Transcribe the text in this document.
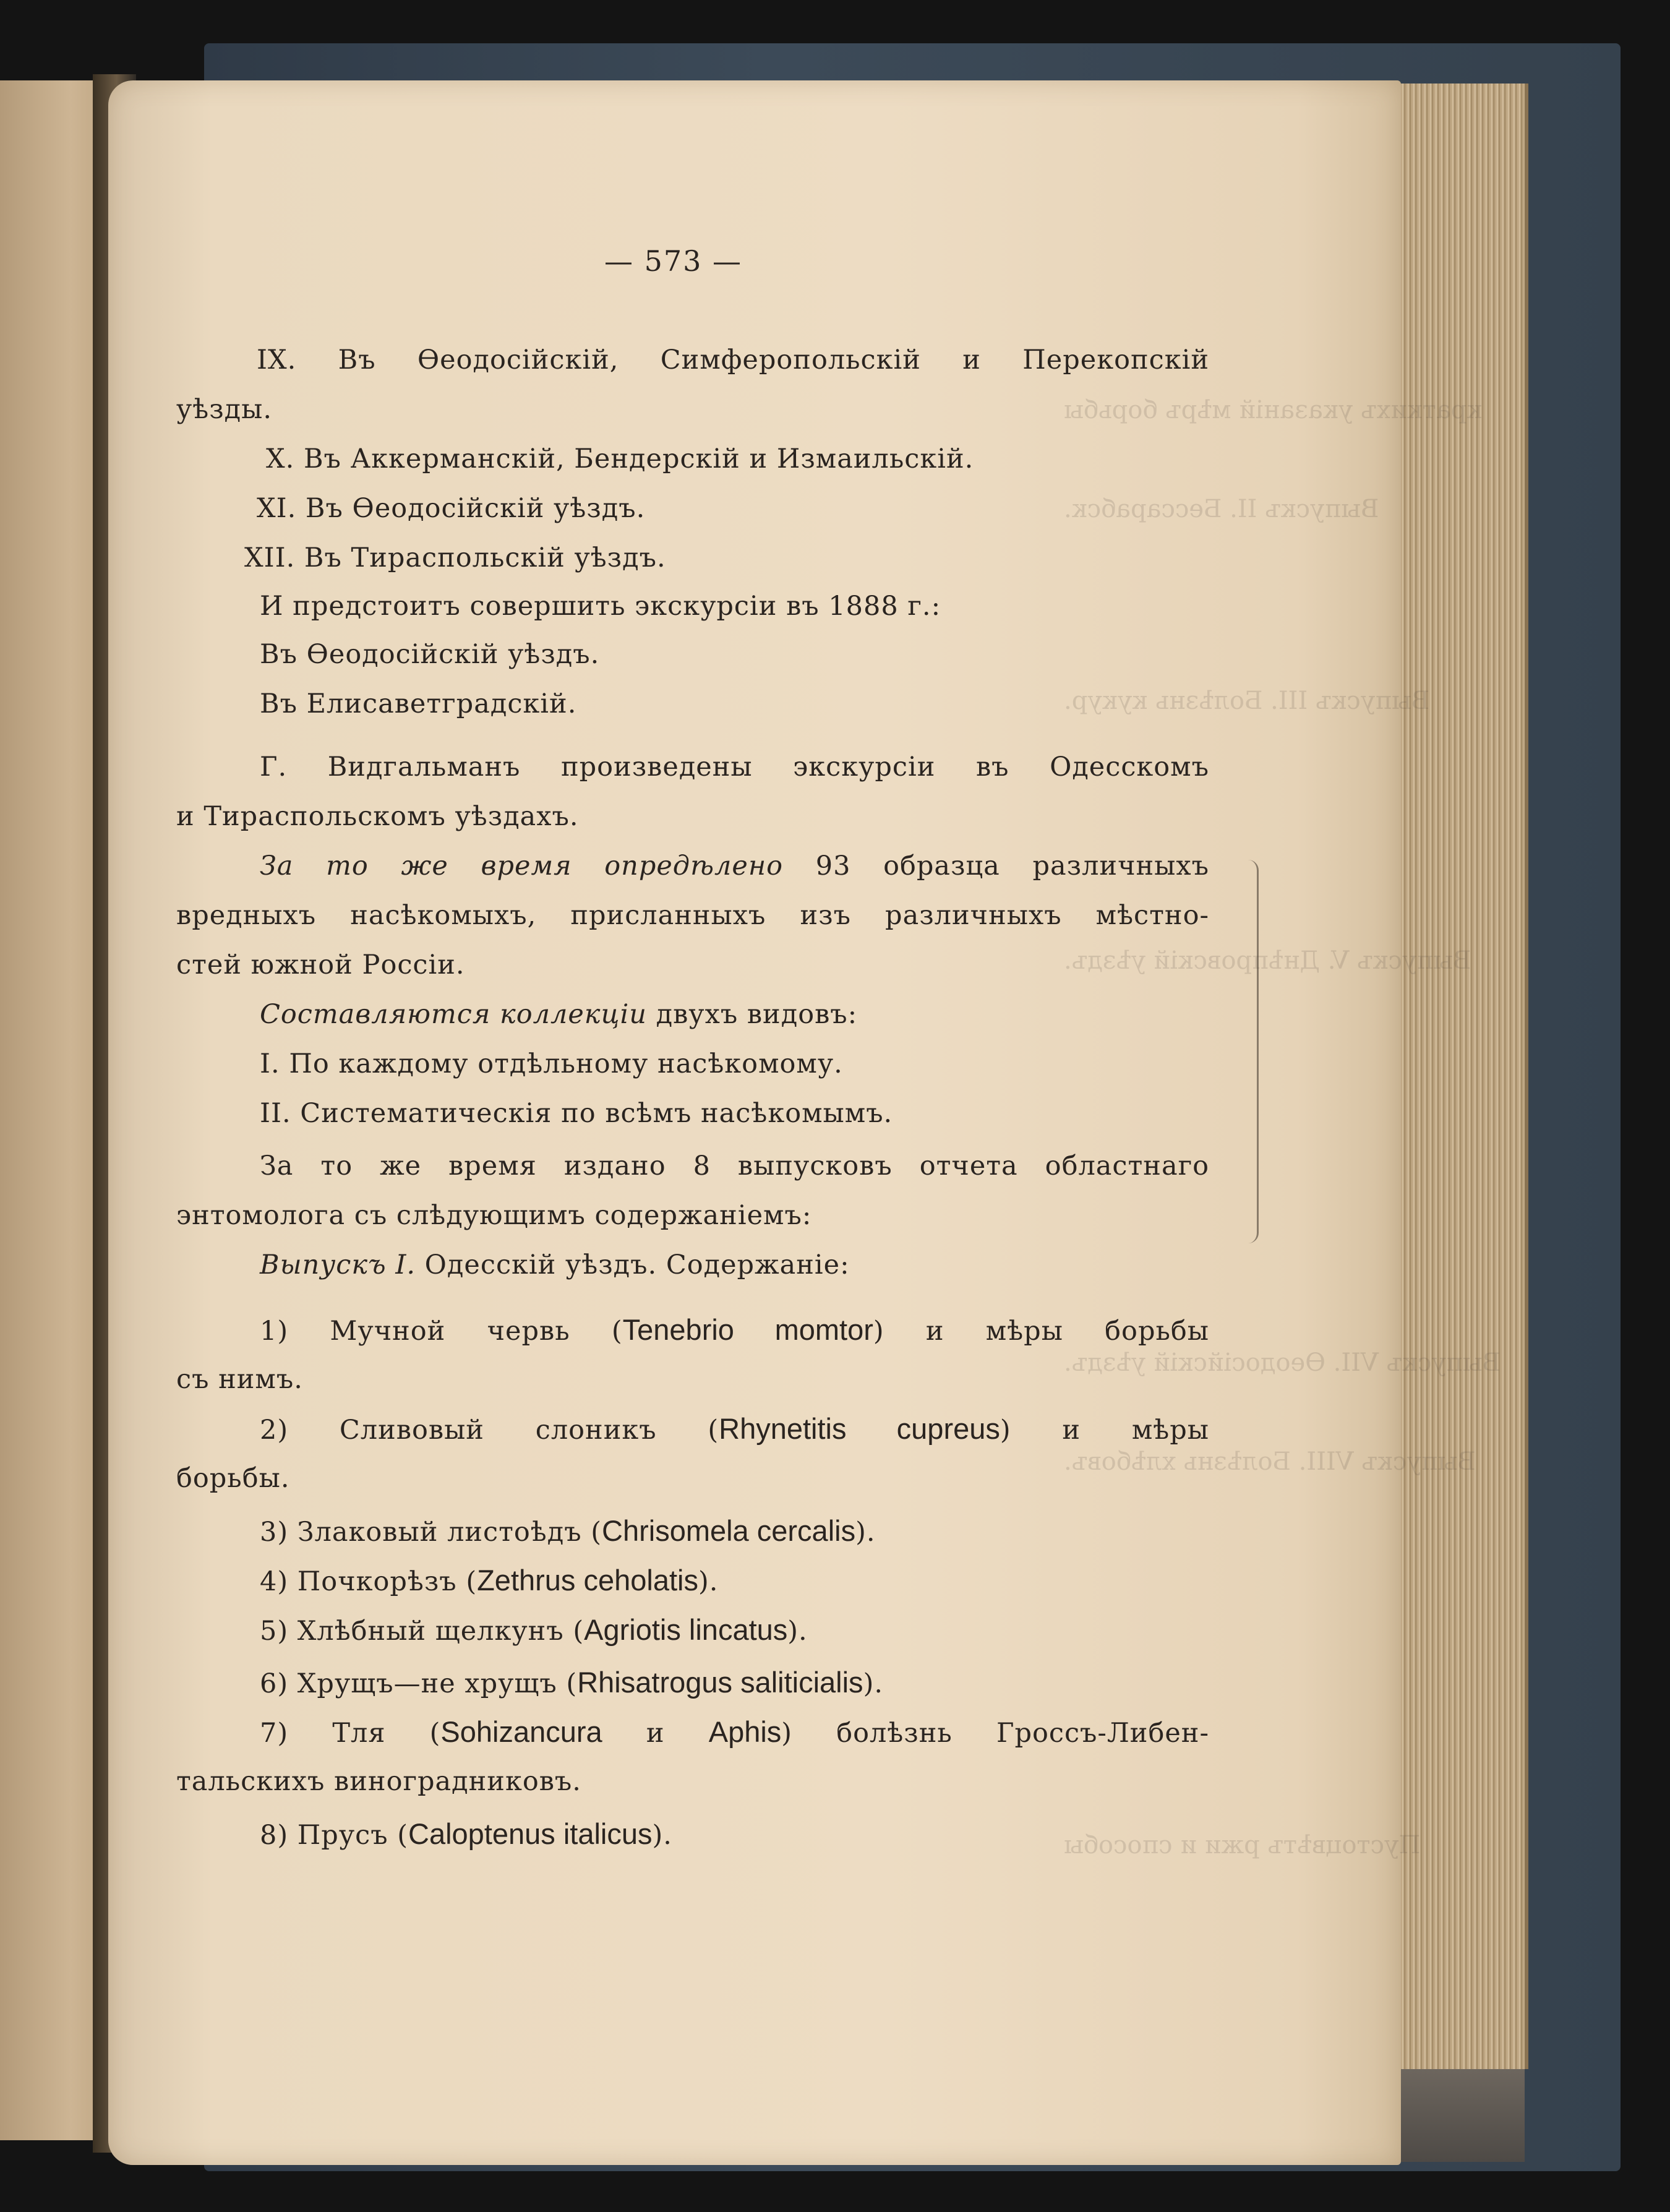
краткихъ указаній мѣръ борьбы
Выпускъ II. Бессарабск.
Выпускъ III. Болѣзнь кукур.
Выпускъ V. Днѣпровскій уѣздъ.
Выпускъ VII. Ѳеодосійскій уѣздъ.
Выпускъ VIII. Болѣзнь хлѣбовъ.
Пустоцвѣтъ ржи и способы
— 573 —
IX. Въ Ѳеодосійскій, Симферопольскій и Перекопскій
уѣзды.
X. Въ Аккерманскій, Бендерскій и Измаильскій.
XI. Въ Ѳеодосійскій уѣздъ.
XII. Въ Тираспольскій уѣздъ.
И предстоитъ совершить экскурсіи въ 1888 г.:
Въ Ѳеодосійскій уѣздъ.
Въ Елисаветградскій.
Г. Видгальманъ произведены экскурсіи въ Одесскомъ
и Тираспольскомъ уѣздахъ.
За то же время опредѣлено 93 образца различныхъ
вредныхъ насѣкомыхъ, присланныхъ изъ различныхъ мѣстно-
стей южной Россіи.
Составляются коллекціи двухъ видовъ:
I. По каждому отдѣльному насѣкомому.
II. Систематическія по всѣмъ насѣкомымъ.
За то же время издано 8 выпусковъ отчета областнаго
энтомолога съ слѣдующимъ содержаніемъ:
Выпускъ I. Одесскій уѣздъ. Содержаніе:
1) Мучной червь (Tenebrio momtor) и мѣры борьбы
съ нимъ.
2) Сливовый слоникъ (Rhynetitis cupreus) и мѣры
борьбы.
3) Злаковый листоѣдъ (Chrisomela cercalis).
4) Почкорѣзъ (Zethrus ceholatis).
5) Хлѣбный щелкунъ (Agriotis lincatus).
6) Хрущъ—не хрущъ (Rhisatrogus saliticialis).
7) Тля (Sohizancura и Aphis) болѣзнь Гроссъ-Либен-
тальскихъ виноградниковъ.
8) Прусъ (Caloptenus italicus).
